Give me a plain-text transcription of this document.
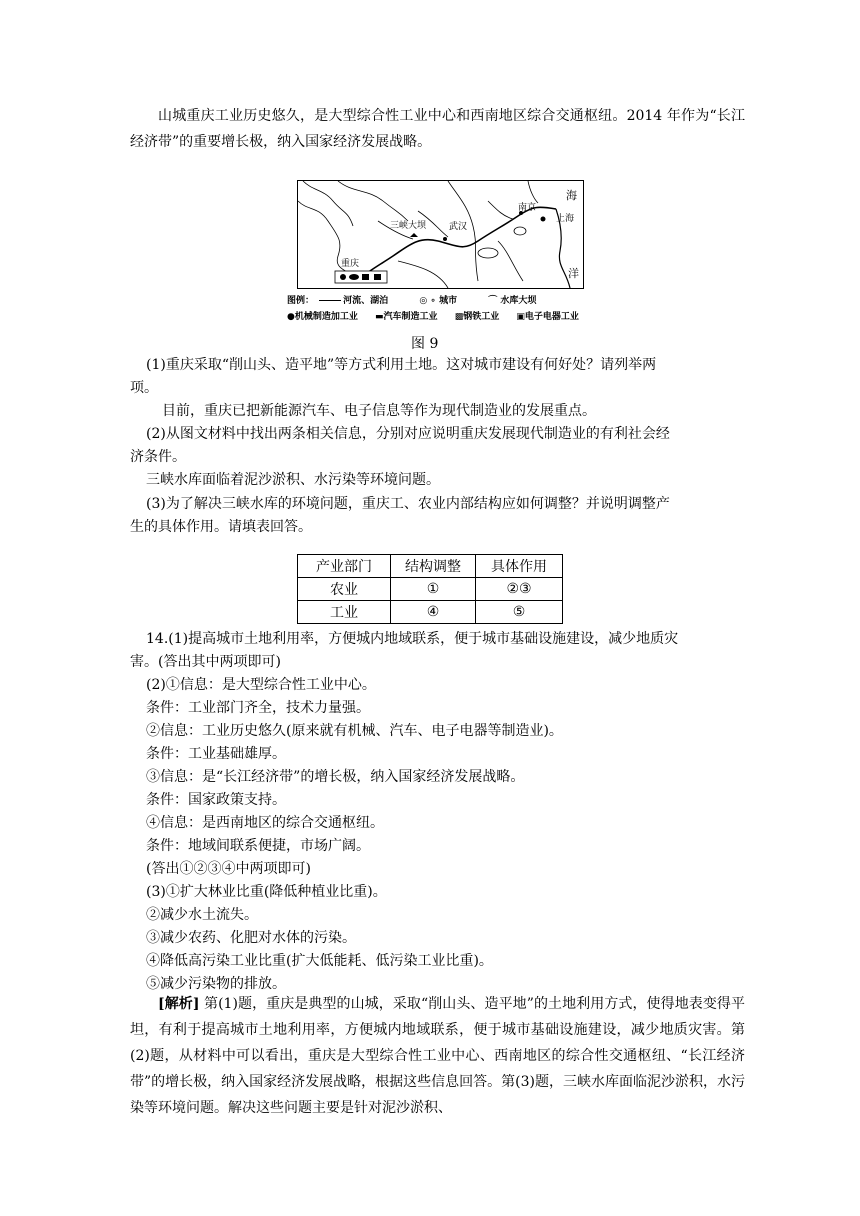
山城重庆工业历史悠久，是大型综合性工业中心和西南地区综合交通枢纽。2014 年作为“长江经济带”的重要增长极，纳入国家经济发展战略。

海
南京
上海
三峡大坝	武汉
重庆
洋
图例：	河流、湖泊	◎ ∘ 城市	⌒ 水库大坝
●机械制造加工业 ▬汽车制造工业 ▩钢铁工业 ▣电子电器工业
图 9
(1)重庆采取“削山头、造平地”等方式利用土地。这对城市建设有何好处？请列举两
项。
目前，重庆已把新能源汽车、电子信息等作为现代制造业的发展重点。
(2)从图文材料中找出两条相关信息，分别对应说明重庆发展现代制造业的有利社会经
济条件。
三峡水库面临着泥沙淤积、水污染等环境问题。
(3)为了解决三峡水库的环境问题，重庆工、农业内部结构应如何调整？并说明调整产
生的具体作用。请填表回答。
产业部门	结构调整	具体作用
农业	①	②③
工业	④	⑤
14.(1)提高城市土地利用率，方便城内地域联系，便于城市基础设施建设，减少地质灾
害。(答出其中两项即可)
(2)①信息：是大型综合性工业中心。
条件：工业部门齐全，技术力量强。
②信息：工业历史悠久(原来就有机械、汽车、电子电器等制造业)。
条件：工业基础雄厚。
③信息：是“长江经济带”的增长极，纳入国家经济发展战略。
条件：国家政策支持。
④信息：是西南地区的综合交通枢纽。
条件：地域间联系便捷，市场广阔。
(答出①②③④中两项即可)
(3)①扩大林业比重(降低种植业比重)。
②减少水土流失。
③减少农药、化肥对水体的污染。
④降低高污染工业比重(扩大低能耗、低污染工业比重)。
⑤减少污染物的排放。

[解析] 第(1)题，重庆是典型的山城，采取“削山头、造平地”的土地利用方式，使得地表变得平坦，有利于提高城市土地利用率，方便城内地域联系，便于城市基础设施建设，减少地质灾害。第(2)题，从材料中可以看出，重庆是大型综合性工业中心、西南地区的综合性交通枢纽、“长江经济带”的增长极，纳入国家经济发展战略，根据这些信息回答。第(3)题，三峡水库面临泥沙淤积，水污染等环境问题。解决这些问题主要是针对泥沙淤积、
